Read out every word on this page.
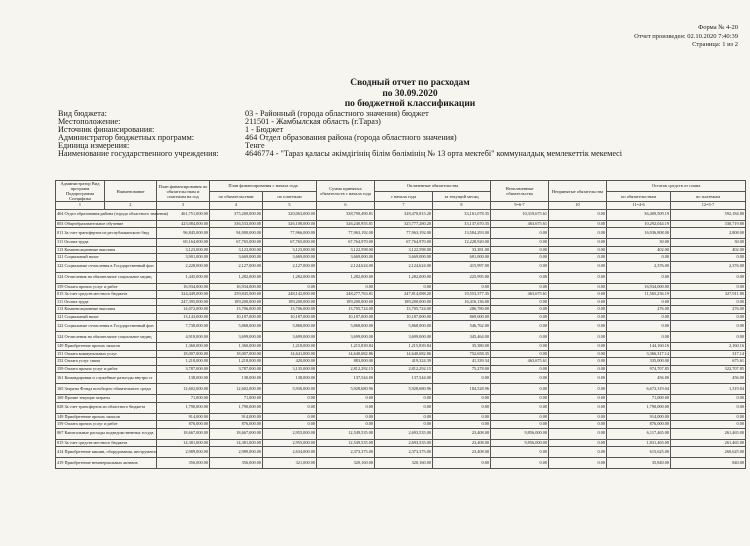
Форма № 4-20
Отчет произведен: 02.10.2020 7:40:39
Страница: 1 из 2
Сводный отчет по расходам
по 30.09.2020
по бюджетной классификации
Вид бюджета:	03 - Районный (города областного значения) бюджет
Местоположение:	211501 - Жамбылская область (г.Тараз)
Источник финансирования:	1 - Бюджет
Администратор бюджетных программ:	464 Отдел образования района (города областного значения)
Единица измерения:	Тенге
Наименование государственного учреждения:	4646774 - "Тараз қаласы әкімдігінің білім бөлімінің № 13 орта мектебі" коммуналдық мемлекеттік мекемесі
Администратор Вид программ Подпрограмма Специфика	Наименование	План финансирования по обязательствам и платежам на год	План финансирования с начала года		Сумма принятых обязательств с начала года	Оплаченные обязательства		Неоплаченные обязательства	Непринятые обязательства	Остаток средств от плана	
			по обязательствам	по платежам		с начала года	за текущий месяц			по обязательствам	по платежам
1	2	3	4	5	6	7	8	9=6-7	10	11=4-6	12=5-7
464 Отдел образования района (города областного значения)		461,751,000.00	375,200,000.00	320,063,000.00	338,790,490.81	328,470,815.20	33,161,078.35	10,319,675.61	0.00	36,409,509.19	592,184.80
003 Общеобразовательное обучение		423,084,000.00	336,533,000.00	326,108,000.00	326,240,955.81	325,777,280.20	33,137,670.35	463,675.61	0.00	10,292,044.19	330,719.80
011 За счет трансфертов из республиканского бюд		96,845,000.00	94,900,000.00	77,966,000.00	77,963,192.00	77,963,192.00	13,584,293.00	0.00	0.00	16,936,808.00	2,808.00
111 Оплата труда		69,164,000.00	67,765,000.00	67,765,000.00	67,764,970.00	67,764,970.00	12,228,920.00	0.00	0.00	30.00	30.00
113 Компенсационные выплаты		3,123,000.00	3,123,000.00	3,123,000.00	3,122,598.00	3,122,598.00	33,381.00	0.00	0.00	402.00	402.00
121 Социальный налог		3,901,000.00	3,669,000.00	3,669,000.00	3,669,000.00	3,669,000.00	681,000.00	0.00	0.00	0.00	0.00
122 Социальные отчисления в Государственный фон		2,228,000.00	2,127,000.00	2,127,000.00	2,124,624.00	2,124,624.00	415,997.00	0.00	0.00	2,376.00	2,376.00
124 Отчисления на обязательное социальное медиц		1,445,000.00	1,282,000.00	1,282,000.00	1,282,000.00	1,282,000.00	225,995.00	0.00	0.00	0.00	0.00
159 Оплата прочих услуг и работ		16,934,000.00	16,934,000.00	0.00	0.00	0.00	0.00	0.00	0.00	16,934,000.00	0.00
015 За счет средств местного бюджета		324,449,000.00	259,845,000.00	248,142,000.00	248,277,763.81	247,814,088.20	19,553,377.35	463,675.61	0.00	11,565,236.19	327,911.80
111 Оплата труда		247,395,000.00	189,200,000.00	189,200,000.00	189,200,000.00	189,200,000.00	16,416,136.00	0.00	0.00	0.00	0.00
113 Компенсационные выплаты		14,072,000.00	13,706,000.00	13,706,000.00	13,705,724.00	13,705,724.00	286,780.00	0.00	0.00	276.00	276.00
121 Социальный налог		13,143,000.00	10,187,000.00	10,187,000.00	10,187,000.00	10,187,000.00	869,000.00	0.00	0.00	0.00	0.00
122 Социальные отчисления в Государственный фон		7,738,000.00	5,868,000.00	5,868,000.00	5,868,000.00	5,868,000.00	546,762.00	0.00	0.00	0.00	0.00
124 Отчисления на обязательное социальное медиц		4,918,000.00	3,699,000.00	3,699,000.00	3,699,000.00	3,699,000.00	345,464.00	0.00	0.00	0.00	0.00
149 Приобретение прочих запасов		1,360,000.00	1,360,000.00	1,218,000.00	1,215,839.84	1,215,839.84	35,380.00	0.00	0.00	144,160.16	2,160.16
151 Оплата коммунальных услуг		18,007,000.00	18,007,000.00	14,641,000.00	14,640,682.86	14,640,682.86	752,658.35	0.00	0.00	3,366,317.14	317.14
152 Оплата услуг связи		1,218,000.00	1,218,000.00	420,000.00	883,000.00	419,324.39	41,339.34	463,675.61	0.00	335,000.00	675.61
159 Оплата прочих услуг и работ		3,787,000.00	3,787,000.00	3,135,000.00	2,812,292.15	2,812,292.15	75,278.00	0.00	0.00	974,707.85	322,707.85
161 Командировки и служебные разъезды внутри ст		138,000.00	138,000.00	138,000.00	137,544.00	137,544.00	0.00	0.00	0.00	456.00	456.00
165 Затраты Фонда всеобщего обязательного среди		12,602,000.00	12,602,000.00	5,930,000.00	5,928,680.96	5,928,680.96	184,528.96	0.00	0.00	6,673,319.04	1,319.04
169 Прочие текущие затраты		71,000.00	71,000.00	0.00	0.00	0.00	0.00	0.00	0.00	71,000.00	0.00
028 За счет трансфертов из областного бюджета		1,790,000.00	1,790,000.00	0.00	0.00	0.00	0.00	0.00	0.00	1,790,000.00	0.00
149 Приобретение прочих запасов		914,000.00	914,000.00	0.00	0.00	0.00	0.00	0.00	0.00	914,000.00	0.00
159 Оплата прочих услуг и работ		876,000.00	876,000.00	0.00	0.00	0.00	0.00	0.00	0.00	876,000.00	0.00
067 Капитальные расходы подведомственных госуда		18,667,000.00	18,667,000.00	2,955,000.00	12,549,535.00	2,693,535.00	23,408.00	9,856,000.00	0.00	6,117,465.00	261,465.00
015 За счет средств местного бюджета		14,381,000.00	14,381,000.00	2,955,000.00	12,549,535.00	2,693,535.00	23,408.00	9,856,000.00	0.00	1,831,465.00	261,465.00
414 Приобретение машин, оборудования, инструмента		2,989,000.00	2,989,000.00	2,634,000.00	2,373,375.00	2,373,375.00	23,408.00	0.00	0.00	615,625.00	260,625.00
419 Приобретение нематериальных активов		356,000.00	356,000.00	321,000.00	320,160.00	320,160.00	0.00	0.00	0.00	35,840.00	840.00
